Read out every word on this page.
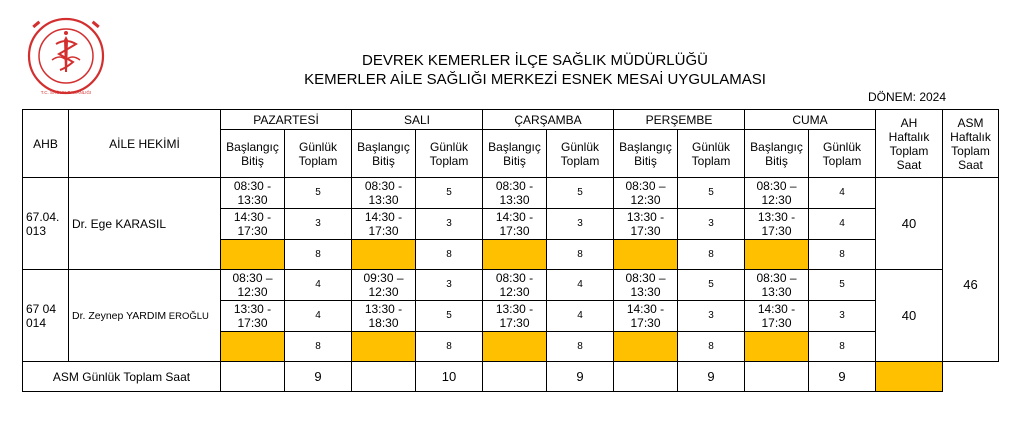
T.C. SAĞLIK BAKANLIĞI
DEVREK KEMERLER İLÇE SAĞLIK MÜDÜRLÜĞÜ
KEMERLER AİLE SAĞLIĞI MERKEZİ ESNEK MESAİ UYGULAMASI
DÖNEM: 2024
AHB	AİLE HEKİMİ	PAZARTESİ		SALI		ÇARŞAMBA		PERŞEMBE		CUMA		AH
Haftalık
Toplam
Saat	ASM
Haftalık
Toplam
Saat
		Başlangıç
Bitiş	Günlük
Toplam	Başlangıç
Bitiş	Günlük
Toplam	Başlangıç
Bitiş	Günlük
Toplam	Başlangıç
Bitiş	Günlük
Toplam	Başlangıç
Bitiş	Günlük
Toplam		
67.04.
013	Dr. Ege KARASIL	08:30 -
13:30	5	08:30 -
13:30	5	08:30 -
13:30	5	08:30 –
12:30	5	08:30 –
12:30	4	40	46
		14:30 -
17:30	3	14:30 -
17:30	3	14:30 -
17:30	3	13:30 -
17:30	3	13:30 -
17:30	4		
			8		8		8		8		8		
67 04
014	Dr. Zeynep YARDIM EROĞLU	08:30 –
12:30	4	09:30 –
12:30	3	08:30 -
12:30	4	08:30 –
13:30	5	08:30 –
13:30	5	40	
		13:30 -
17:30	4	13:30 -
18:30	5	13:30 -
17:30	4	14:30 -
17:30	3	14:30 -
17:30	3		
			8		8		8		8		8		
ASM Günlük Toplam Saat			9		10		9		9		9		
